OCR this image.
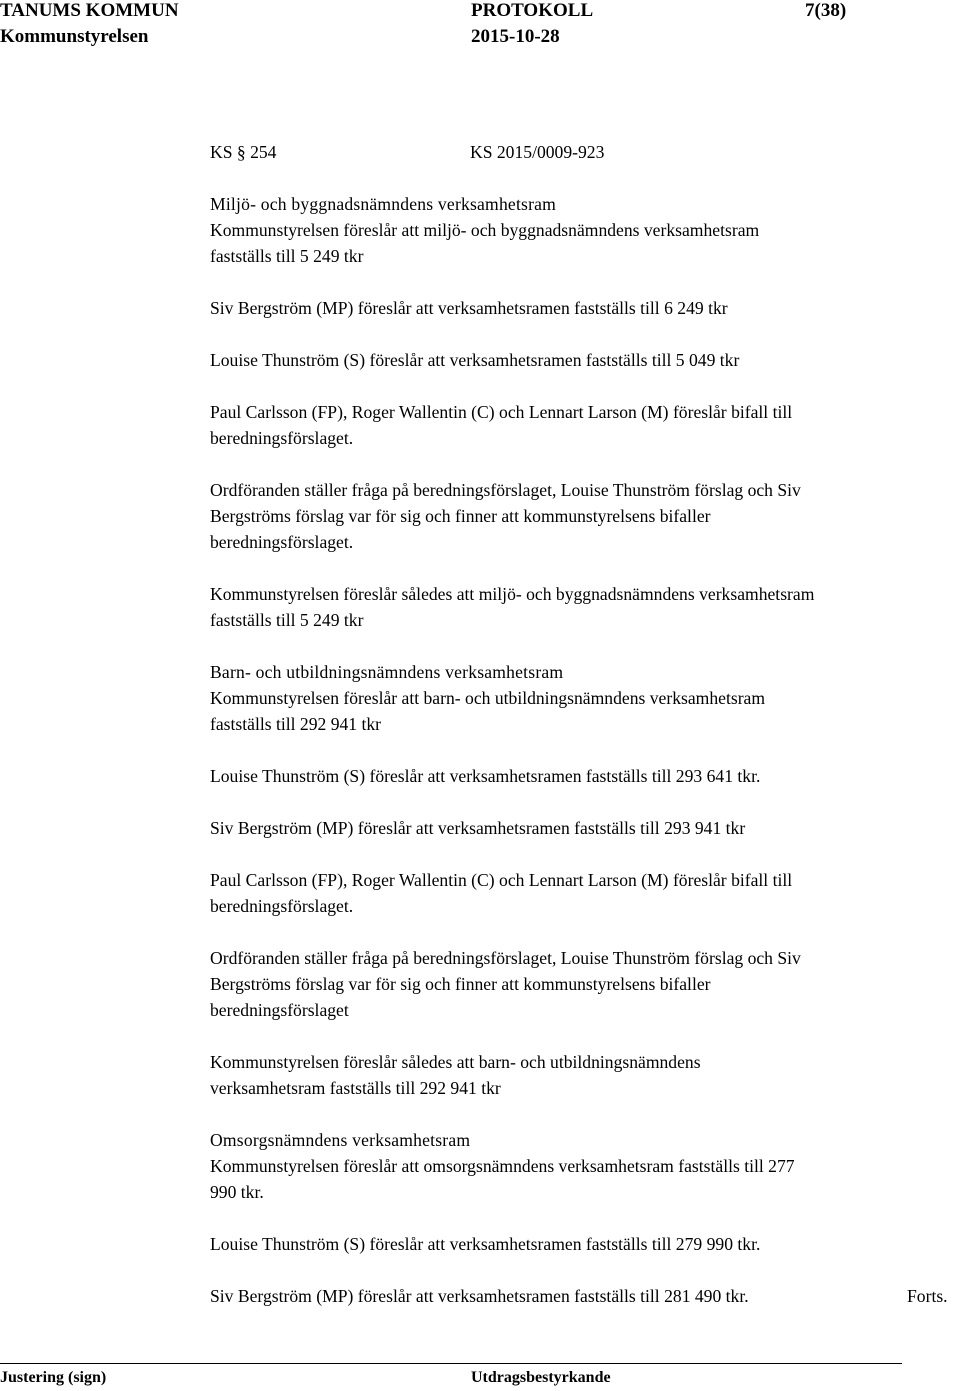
TANUMS KOMMUN	PROTOKOLL	7(38)
Kommunstyrelsen	2015-10-28
KS § 254	KS 2015/0009-923

Miljö- och byggnadsnämndens verksamhetsram
Kommunstyrelsen föreslår att miljö- och byggnadsnämndens verksamhetsram
fastställs till 5 249 tkr

Siv Bergström (MP) föreslår att verksamhetsramen fastställs till 6 249 tkr

Louise Thunström (S) föreslår att verksamhetsramen fastställs till 5 049 tkr

Paul Carlsson (FP), Roger Wallentin (C) och Lennart Larson (M) föreslår bifall till
beredningsförslaget.

Ordföranden ställer fråga på beredningsförslaget, Louise Thunström förslag och Siv
Bergströms förslag var för sig och finner att kommunstyrelsens bifaller
beredningsförslaget.

Kommunstyrelsen föreslår således att miljö- och byggnadsnämndens verksamhetsram
fastställs till 5 249 tkr

Barn- och utbildningsnämndens verksamhetsram
Kommunstyrelsen föreslår att barn- och utbildningsnämndens verksamhetsram
fastställs till 292 941 tkr

Louise Thunström (S) föreslår att verksamhetsramen fastställs till 293 641 tkr.

Siv Bergström (MP) föreslår att verksamhetsramen fastställs till 293 941 tkr

Paul Carlsson (FP), Roger Wallentin (C) och Lennart Larson (M) föreslår bifall till
beredningsförslaget.

Ordföranden ställer fråga på beredningsförslaget, Louise Thunström förslag och Siv
Bergströms förslag var för sig och finner att kommunstyrelsens bifaller
beredningsförslaget

Kommunstyrelsen föreslår således att barn- och utbildningsnämndens
verksamhetsram fastställs till 292 941 tkr

Omsorgsnämndens verksamhetsram
Kommunstyrelsen föreslår att omsorgsnämndens verksamhetsram fastställs till 277
990 tkr.

Louise Thunström (S) föreslår att verksamhetsramen fastställs till 279 990 tkr.

Siv Bergström (MP) föreslår att verksamhetsramen fastställs till 281 490 tkr.	Forts.
Justering (sign)	Utdragsbestyrkande
